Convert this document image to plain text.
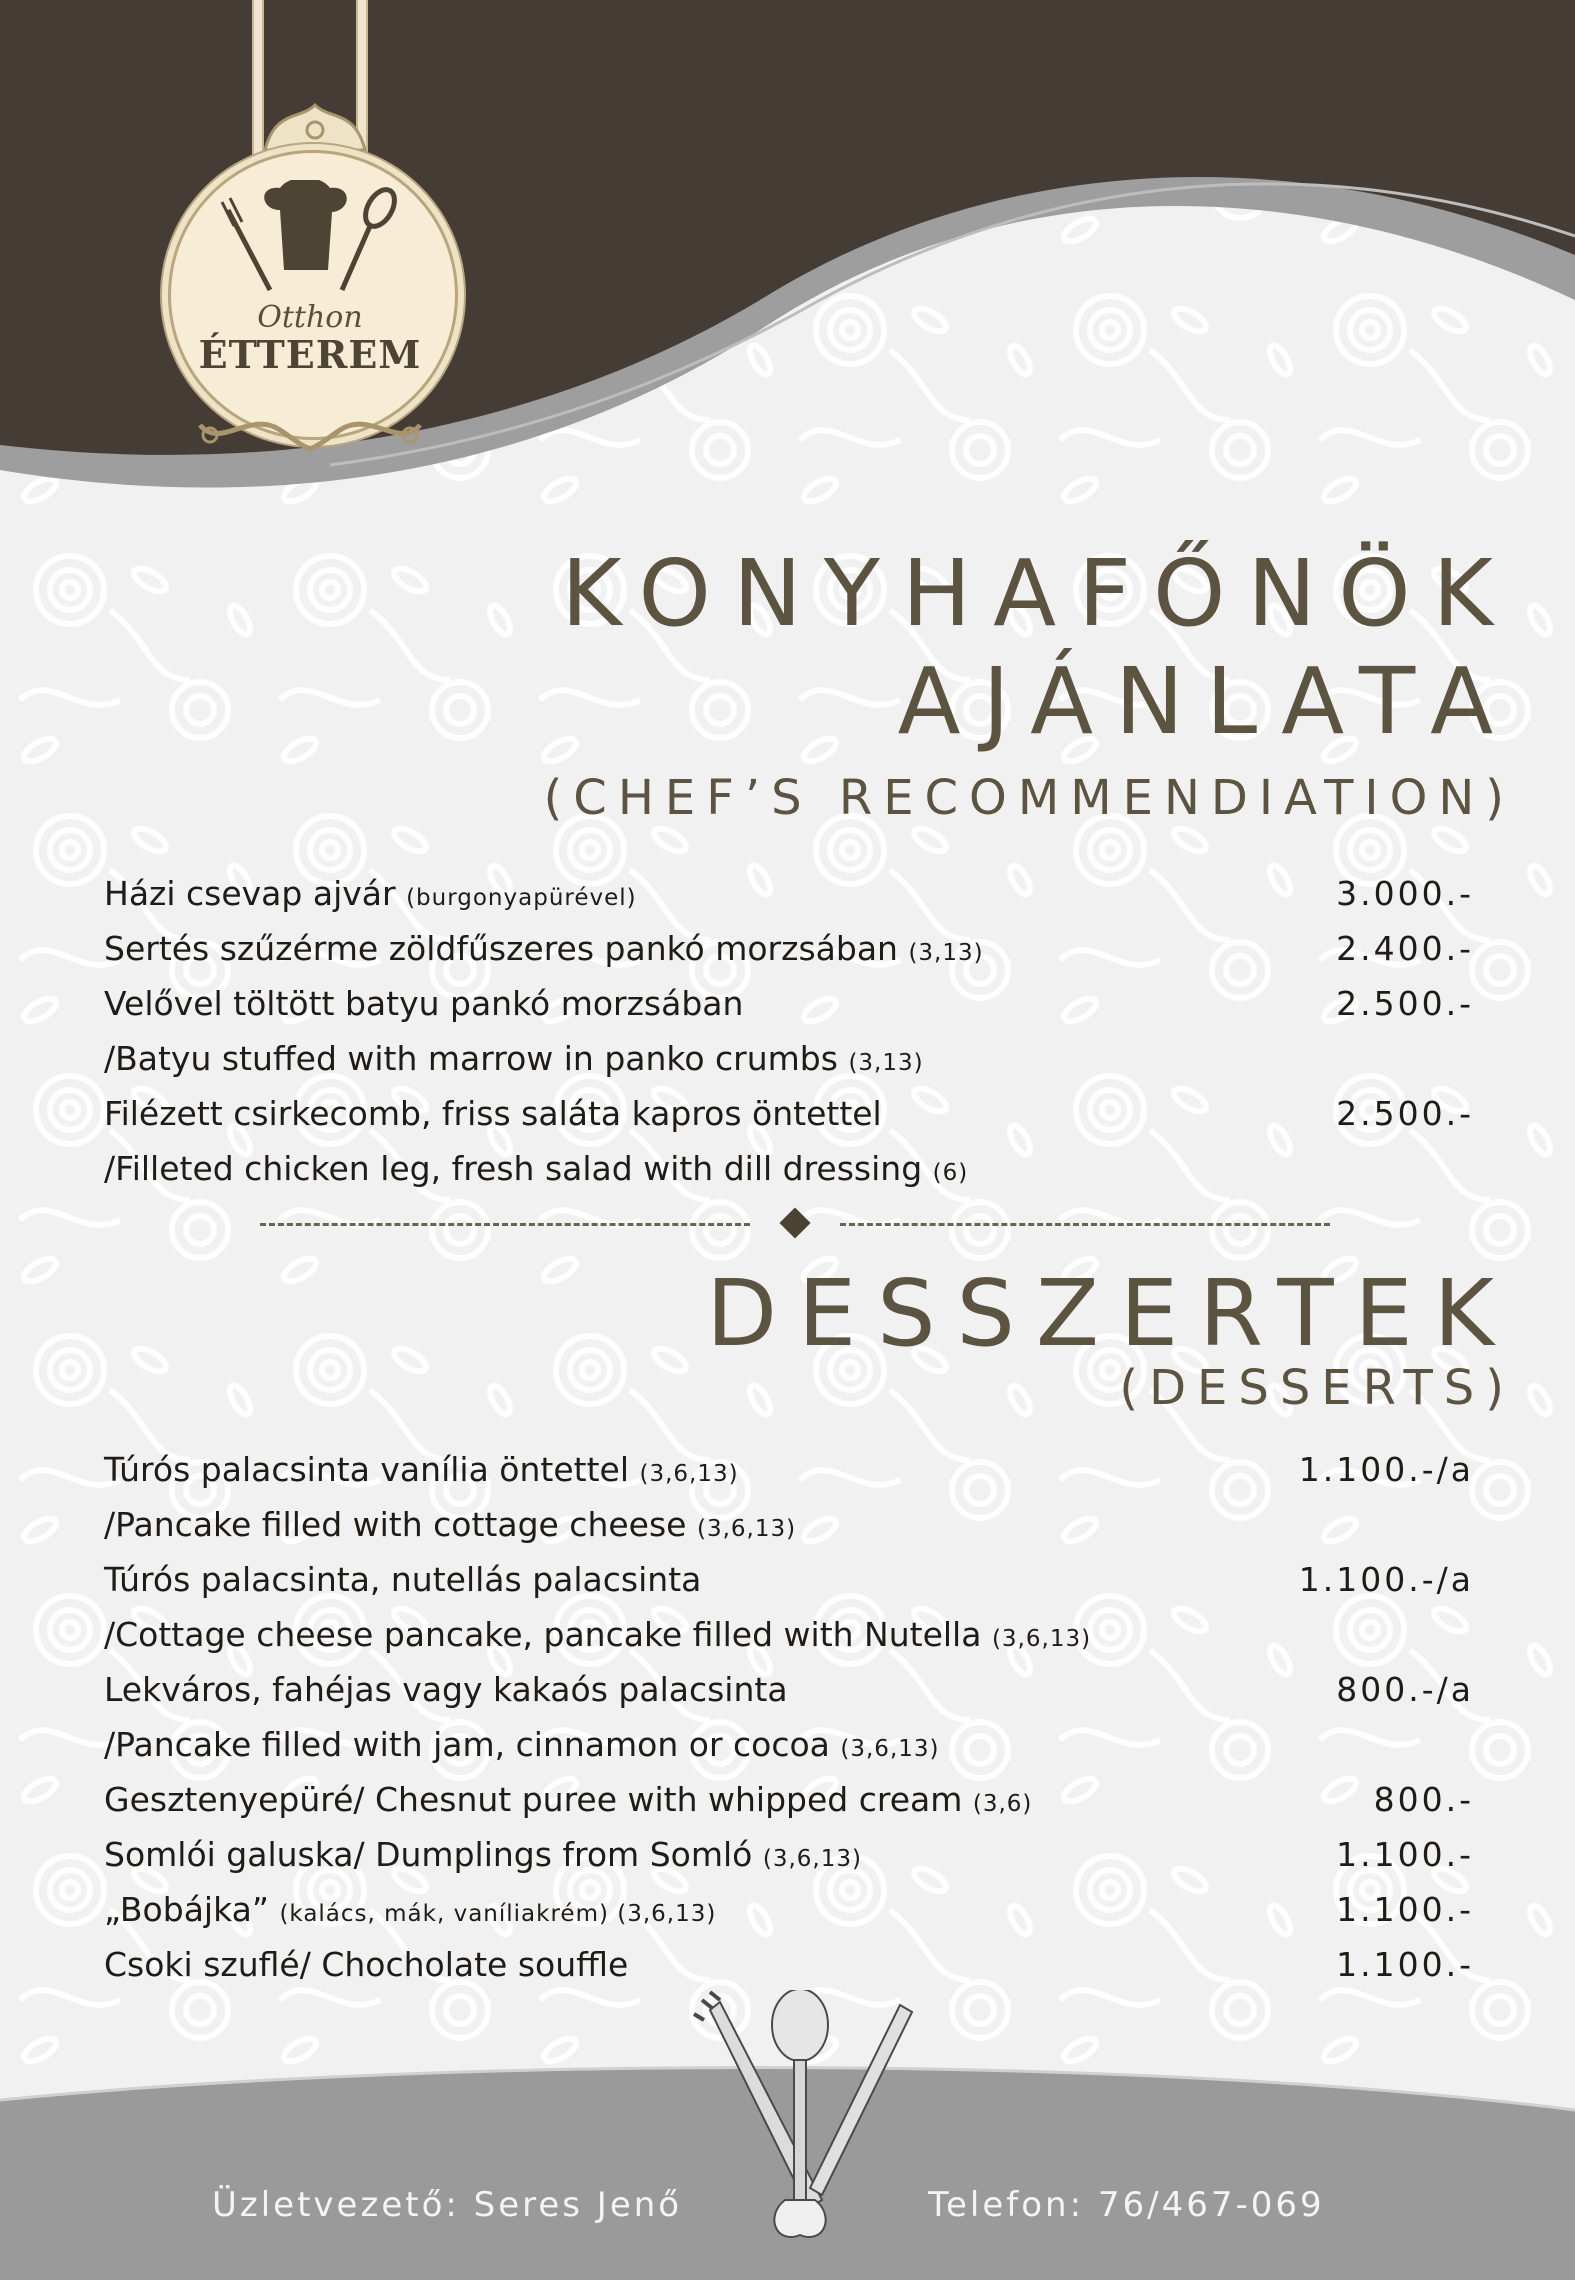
Otthon
ÉTTEREM
KONYHAFŐNÖK
AJÁNLATA
(CHEF’S RECOMMENDIATION)
Házi csevap ajvár (burgonyapürével)	3.000.-
Sertés szűzérme zöldfűszeres pankó morzsában (3,13)	2.400.-
Velővel töltött batyu pankó morzsában	2.500.-
/Batyu stuffed with marrow in panko crumbs (3,13)
Filézett csirkecomb, friss saláta kapros öntettel	2.500.-
/Filleted chicken leg, fresh salad with dill dressing (6)
DESSZERTEK
(DESSERTS)
Túrós palacsinta vanília öntettel (3,6,13)	1.100.-/a
/Pancake filled with cottage cheese (3,6,13)
Túrós palacsinta, nutellás palacsinta	1.100.-/a
/Cottage cheese pancake, pancake filled with Nutella (3,6,13)
Lekváros, fahéjas vagy kakaós palacsinta	800.-/a
/Pancake filled with jam, cinnamon or cocoa (3,6,13)
Gesztenyepüré/ Chesnut puree with whipped cream (3,6)	800.-
Somlói galuska/ Dumplings from Somló (3,6,13)	1.100.-
„Bobájka” (kalács, mák, vaníliakrém) (3,6,13)	1.100.-
Csoki szuflé/ Chocholate souffle	1.100.-
Üzletvezető: Seres Jenő	Telefon: 76/467-069
